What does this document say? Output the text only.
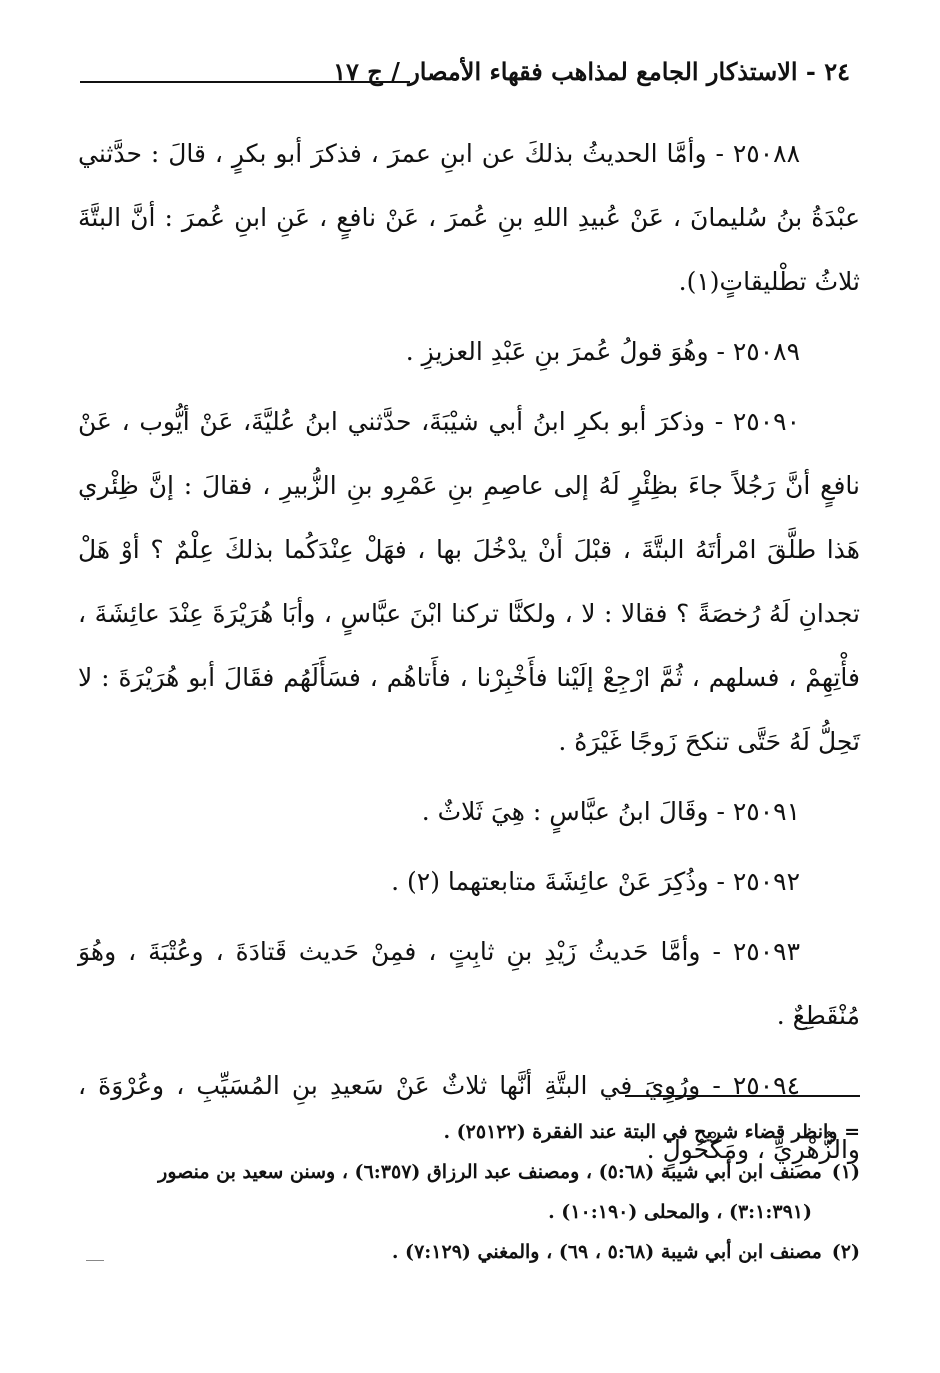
٢٤ - الاستذكار الجامع لمذاهب فقهاء الأمصار / ج ١٧

٢٥٠٨٨ - وأمَّا الحديثُ بذلكَ عن ابنِ عمرَ ، فذكرَ أبو بكرٍ ، قالَ : حدَّثني عبْدَةُ بنُ سُليمانَ ، عَنْ عُبيدِ اللهِ بنِ عُمرَ ، عَنْ نافعٍ ، عَنِ ابنِ عُمرَ : أنَّ البتَّةَ ثلاثُ تطْليقاتٍ(١).

٢٥٠٨٩ - وهُوَ قولُ عُمرَ بنِ عَبْدِ العزيزِ .

٢٥٠٩٠ - وذكرَ أبو بكرِ ابنُ أبي شيْبَةَ، حدَّثني ابنُ عُليَّةَ، عَنْ أيُّوب ، عَنْ نافعٍ أنَّ رَجُلاً جاءَ بظِئْرٍ لَهُ إلى عاصِمِ بنِ عَمْرِو بنِ الزُّبيرِ ، فقالَ : إنَّ ظِئْري هَذا طلَّقَ امْرأتَهُ البتَّةَ ، قبْلَ أنْ يدْخُلَ بها ، فهَلْ عِنْدَكُما بذلكَ عِلْمٌ ؟ أوْ هَلْ تجدانِ لَهُ رُخصَةً ؟ فقالا : لا ، ولكنَّا تركنا ابْنَ عبَّاسٍ ، وأبَا هُرَيْرَةَ عِنْدَ عائِشَةَ ، فأْتِهِمْ ، فسلهم ، ثُمَّ ارْجِعْ إلَيْنا فأَخْبِرْنا ، فأَتاهُم ، فسَأَلَهُم فقَالَ أبو هُرَيْرَةَ : لا تَحِلُّ لَهُ حَتَّى تنكحَ زَوجًا غَيْرَهُ .

٢٥٠٩١ - وقَالَ ابنُ عبَّاسٍ : هِيَ ثَلاثٌ .

٢٥٠٩٢ - وذُكِرَ عَنْ عائِشَةَ متابعتهما (٢) .

٢٥٠٩٣ - وأمَّا حَديثُ زَيْدِ بنِ ثابِتٍ ، فمِنْ حَديث قَتادَةَ ، وعُتْبَةَ ، وهُوَ مُنْقَطِعٌ .

٢٥٠٩٤ - ورُوِيَ في البتَّةِ أنَّها ثلاثٌ عَنْ سَعيدِ بنِ المُسَيِّبِ ، وعُرْوَةَ ، والزُّهْرِيِّ ، ومَكْحُولٍ .

= وانظر قضاء شريح في البتة عند الفقرة (٢٥١٢٢) .

(١)مصنف ابن أبي شيبة (٥:٦٨) ، ومصنف عبد الرزاق (٦:٣٥٧) ، وسنن سعيد بن منصور

(٣:١:٣٩١) ، والمحلى (١٠:١٩٠) .

(٢)مصنف ابن أبي شيبة (٥:٦٨ ، ٦٩) ، والمغني (٧:١٢٩) .
